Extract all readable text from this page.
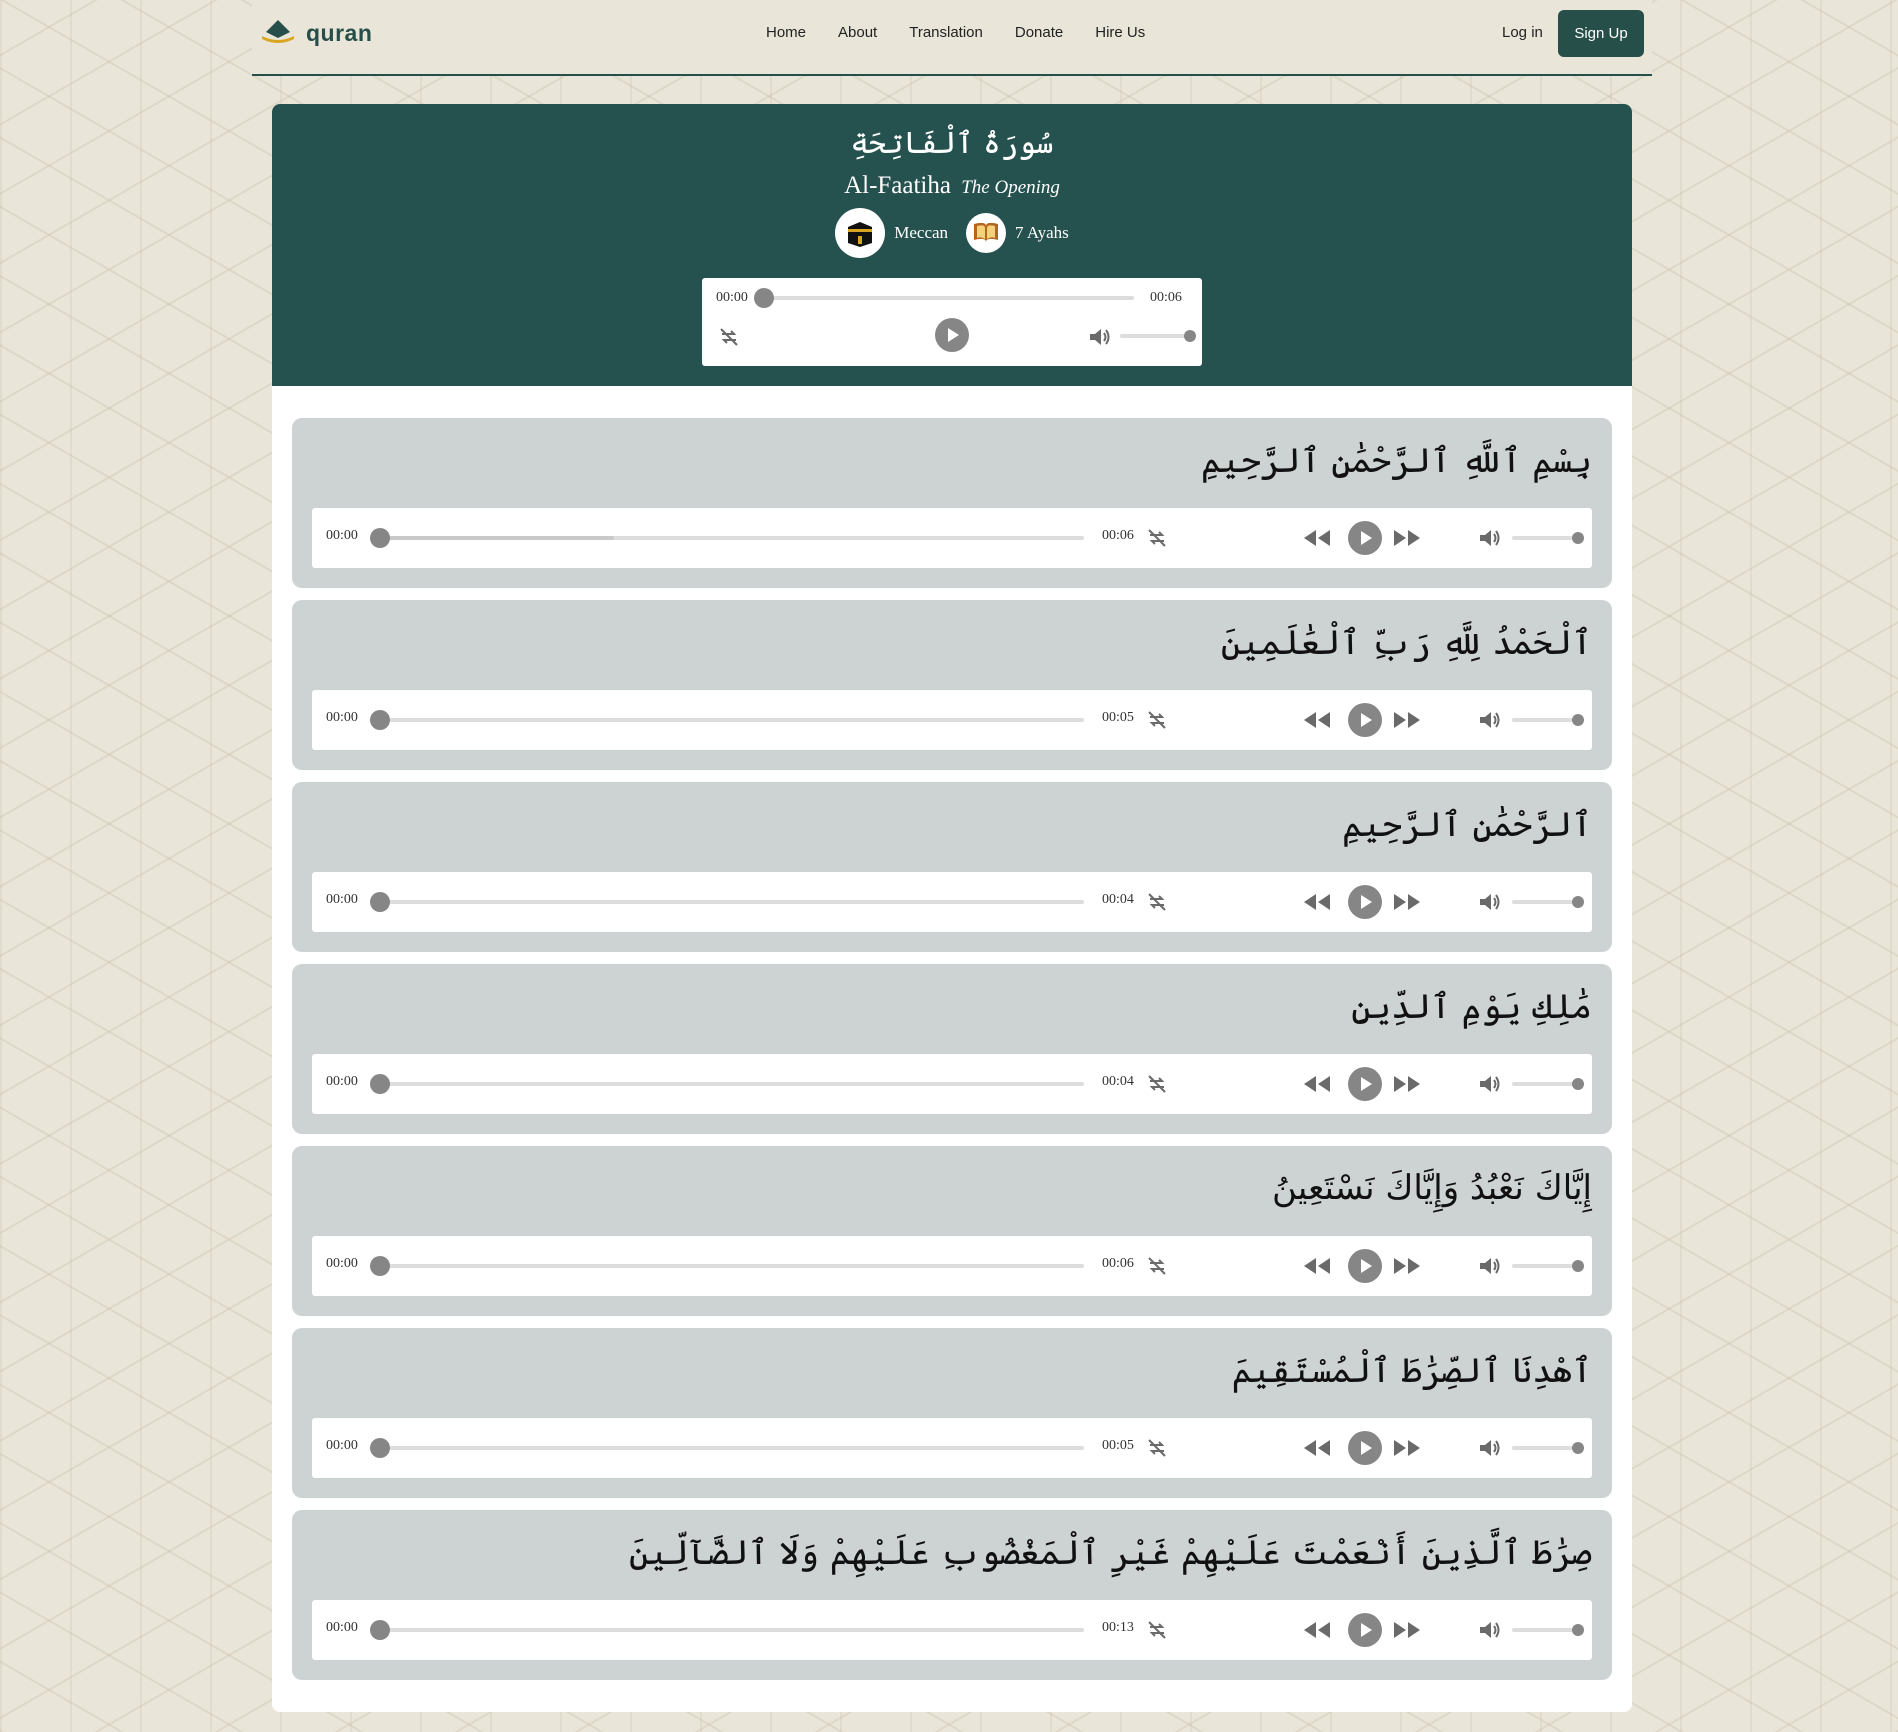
quran	Home About Translation Donate Hire Us	Log in	Sign Up
سُورَةُ ٱلْفَاتِحَةِ
Al-Faatiha The Opening
Meccan	7 Ayahs
00:00	00:06
بِسْمِ ٱللَّهِ ٱلرَّحْمَٰنِ ٱلرَّحِيمِ
00:00	00:06
ٱلْحَمْدُ لِلَّهِ رَبِّ ٱلْعَٰلَمِينَ
00:00	00:05
ٱلرَّحْمَٰنِ ٱلرَّحِيمِ
00:00	00:04
مَٰلِكِ يَوْمِ ٱلدِّينِ
00:00	00:04
إِيَّاكَ نَعْبُدُ وَإِيَّاكَ نَسْتَعِينُ
00:00	00:06
ٱهْدِنَا ٱلصِّرَٰطَ ٱلْمُسْتَقِيمَ
00:00	00:05
صِرَٰطَ ٱلَّذِينَ أَنْعَمْتَ عَلَيْهِمْ غَيْرِ ٱلْمَغْضُوبِ عَلَيْهِمْ وَلَا ٱلضَّآلِّينَ
00:00	00:13
